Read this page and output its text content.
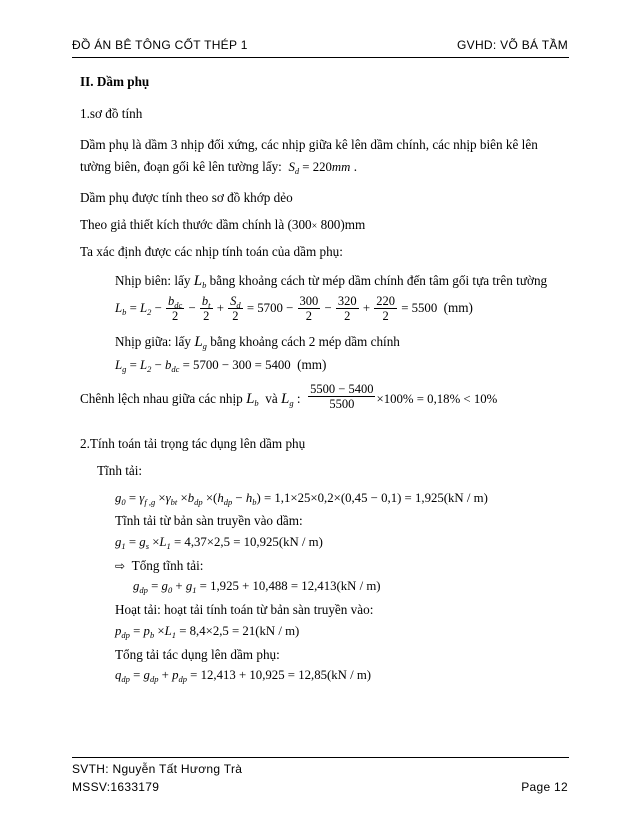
ĐỒ ÁN BÊ TÔNG CỐT THÉP 1	GVHD: VÕ BÁ TẦM
II. Dầm phụ
1.sơ đồ tính
Dầm phụ là dầm 3 nhịp đối xứng, các nhịp giữa kê lên dầm chính, các nhịp biên kê lên
tường biên, đoạn gối kê lên tường lấy: $S_d = 220mm$ .
Dầm phụ được tính theo sơ đồ khớp dẻo
Theo giả thiết kích thước dầm chính là (300× 800)mm
Ta xác định được các nhịp tính toán của dầm phụ:
Nhịp biên: lấy $L_b$ bằng khoảng cách từ mép dầm chính đến tâm gối tựa trên tường
$L_b = L_2 - \frac{b_{dc}}{2} - \frac{b_t}{2} + \frac{S_d}{2} = 5700 - \frac{300}{2} - \frac{320}{2} + \frac{220}{2} = 5500$ (mm)
Nhịp giữa: lấy $L_g$ bằng khoảng cách 2 mép dầm chính
$L_g = L_2 - b_{dc} = 5700 - 300 = 5400$ (mm)
Chênh lệch nhau giữa các nhịp $L_b$ và $L_g$ : $\frac{5500 - 5400}{5500} \times 100\% = 0,18\% < 10\%$
2.Tính toán tải trọng tác dụng lên dầm phụ
Tĩnh tải:
$g_0 = \gamma_{f ,g} \times\gamma_{bt} \times b_{dp} \times(h_{dp} - h_b) = 1,1\times 25\times 0,2\times(0,45 - 0,1) = 1,925(kN / m)$
Tĩnh tải từ bản sàn truyền vào dầm:
$g_1 = g_s \times L_1 = 4,37\times 2,5 = 10,925(kN / m)$
⇨ Tổng tĩnh tải:
$g_{dp} = g_0 + g_1 = 1,925 + 10,488 = 12,413(kN / m)$
Hoạt tải: hoạt tải tính toán từ bản sàn truyền vào:
$p_{dp} = p_b \times L_1 = 8,4\times 2,5 = 21(kN / m)$
Tổng tải tác dụng lên dầm phụ:
$q_{dp} = g_{dp} + p_{dp} = 12,413 + 10,925 = 12,85(kN / m)$
SVTH: Nguyễn Tất Hương Trà
MSSV:1633179	Page 12
